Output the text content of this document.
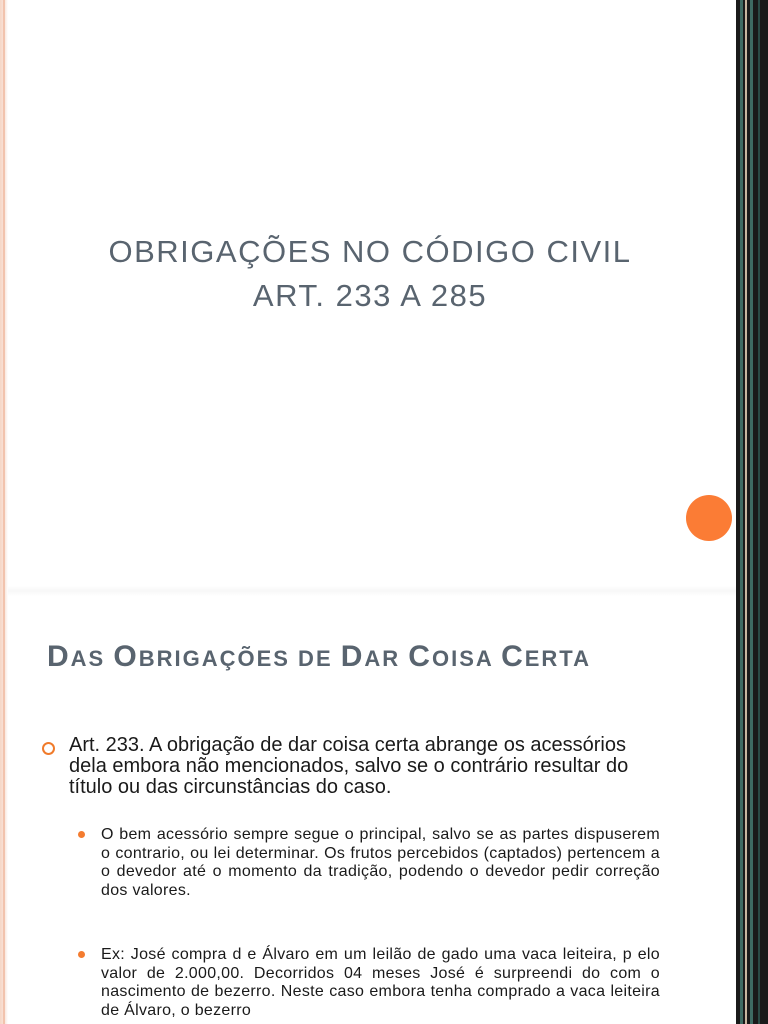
OBRIGAÇÕES NO CÓDIGO CIVIL
ART. 233 A 285
DAS OBRIGAÇÕES DE DAR COISA CERTA
Art. 233. A obrigação de dar coisa certa abrange os acessórios dela embora não mencionados, salvo se o contrário resultar do título ou das circunstâncias do caso.
O bem acessório sempre segue o principal, salvo se as partes dispuserem o contrario, ou lei determinar. Os frutos percebidos (captados) pertencem a o devedor até o momento da tradição, podendo o devedor pedir correção dos valores.
Ex: José compra d e Álvaro em um leilão de gado uma vaca leiteira, p elo valor de 2.000,00. Decorridos 04 meses José é surpreendi do com o nascimento de bezerro. Neste caso embora tenha comprado a vaca leiteira de Álvaro, o bezerro
